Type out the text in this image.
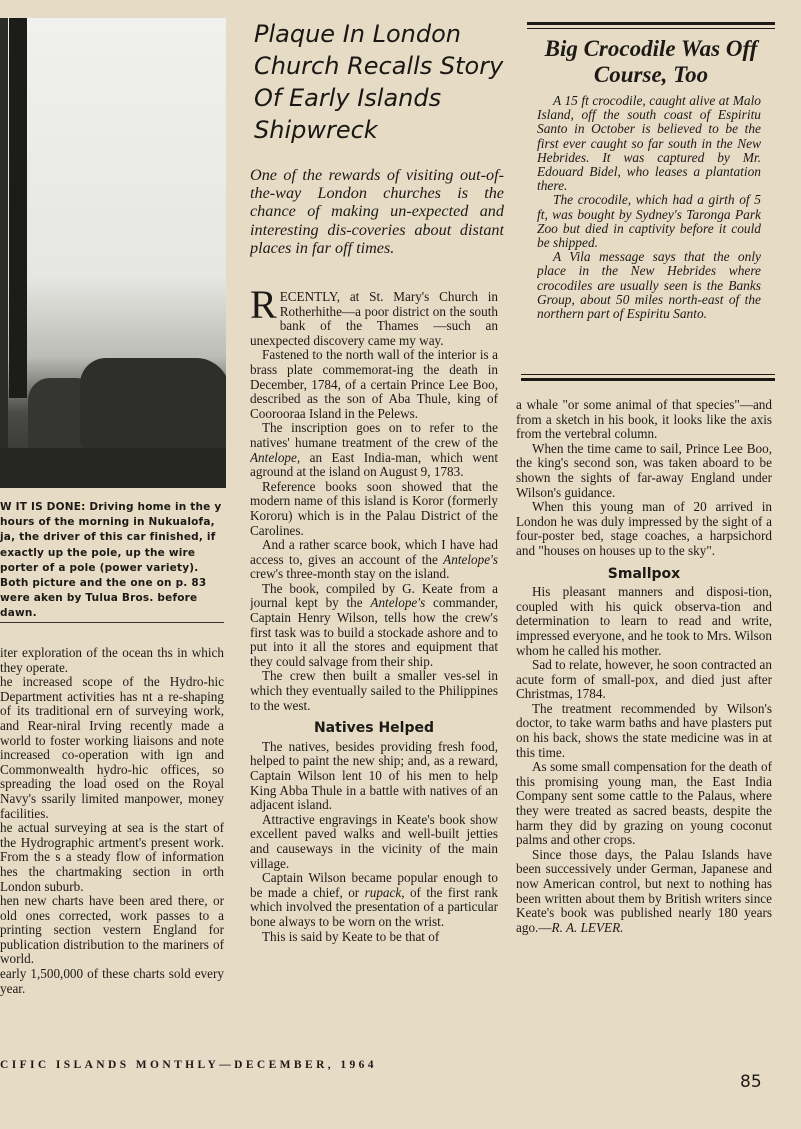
W IT IS DONE: Driving home in the y hours of the morning in Nukualofa, ja, the driver of this car finished, if exactly up the pole, up the wire porter of a pole (power variety). Both picture and the one on p. 83 were aken by Tulua Bros. before dawn.

iter exploration of the ocean ths in which they operate.

he increased scope of the Hydro-hic Department activities has nt a re-shaping of its traditional ern of surveying work, and Rear-niral Irving recently made a world to foster working liaisons and note increased co-operation with ign and Commonwealth hydro-hic offices, so spreading the load osed on the Royal Navy's ssarily limited manpower, money facilities.

he actual surveying at sea is the start of the Hydrographic artment's present work. From the s a steady flow of information hes the chartmaking section in orth London suburb.

hen new charts have been ared there, or old ones corrected, work passes to a printing section vestern England for publication distribution to the mariners of world.

early 1,500,000 of these charts sold every year.

Plaque In London Church Recalls Story Of Early Islands Shipwreck
One of the rewards of visiting out-of-the-way London churches is the chance of making un-expected and interesting dis-coveries about distant places in far off times.

RECENTLY, at St. Mary's Church in Rotherhithe—a poor district on the south bank of the Thames —such an unexpected discovery came my way.

Fastened to the north wall of the interior is a brass plate commemorat-ing the death in December, 1784, of a certain Prince Lee Boo, described as the son of Aba Thule, king of Coorooraa Island in the Pelews.

The inscription goes on to refer to the natives' humane treatment of the crew of the Antelope, an East India-man, which went aground at the island on August 9, 1783.

Reference books soon showed that the modern name of this island is Koror (formerly Kororu) which is in the Palau District of the Carolines.

And a rather scarce book, which I have had access to, gives an account of the Antelope's crew's three-month stay on the island.

The book, compiled by G. Keate from a journal kept by the Antelope's commander, Captain Henry Wilson, tells how the crew's first task was to build a stockade ashore and to put into it all the stores and equipment that they could salvage from their ship.

The crew then built a smaller ves-sel in which they eventually sailed to the Philippines to the west.

Natives Helped

The natives, besides providing fresh food, helped to paint the new ship; and, as a reward, Captain Wilson lent 10 of his men to help King Abba Thule in a battle with natives of an adjacent island.

Attractive engravings in Keate's book show excellent paved walks and well-built jetties and causeways in the vicinity of the main village.

Captain Wilson became popular enough to be made a chief, or rupack, of the first rank which involved the presentation of a particular bone always to be worn on the wrist.

This is said by Keate to be that of

Big Crocodile Was Off Course, Too

A 15 ft crocodile, caught alive at Malo Island, off the south coast of Espiritu Santo in October is believed to be the first ever caught so far south in the New Hebrides. It was captured by Mr. Edouard Bidel, who leases a plantation there.

The crocodile, which had a girth of 5 ft, was bought by Sydney's Taronga Park Zoo but died in captivity before it could be shipped.

A Vila message says that the only place in the New Hebrides where crocodiles are usually seen is the Banks Group, about 50 miles north-east of the northern part of Espiritu Santo.

a whale "or some animal of that species"—and from a sketch in his book, it looks like the axis from the vertebral column.

When the time came to sail, Prince Lee Boo, the king's second son, was taken aboard to be shown the sights of far-away England under Wilson's guidance.

When this young man of 20 arrived in London he was duly impressed by the sight of a four-poster bed, stage coaches, a harpsichord and "houses on houses up to the sky".

Smallpox

His pleasant manners and disposi-tion, coupled with his quick observa-tion and determination to learn to read and write, impressed everyone, and he took to Mrs. Wilson whom he called his mother.

Sad to relate, however, he soon contracted an acute form of small-pox, and died just after Christmas, 1784.

The treatment recommended by Wilson's doctor, to take warm baths and have plasters put on his back, shows the state medicine was in at this time.

As some small compensation for the death of this promising young man, the East India Company sent some cattle to the Palaus, where they were treated as sacred beasts, despite the harm they did by grazing on young coconut palms and other crops.

Since those days, the Palau Islands have been successively under German, Japanese and now American control, but next to nothing has been written about them by British writers since Keate's book was published nearly 180 years ago.—R. A. LEVER.

CIFIC ISLANDS MONTHLY—DECEMBER, 1964
85
